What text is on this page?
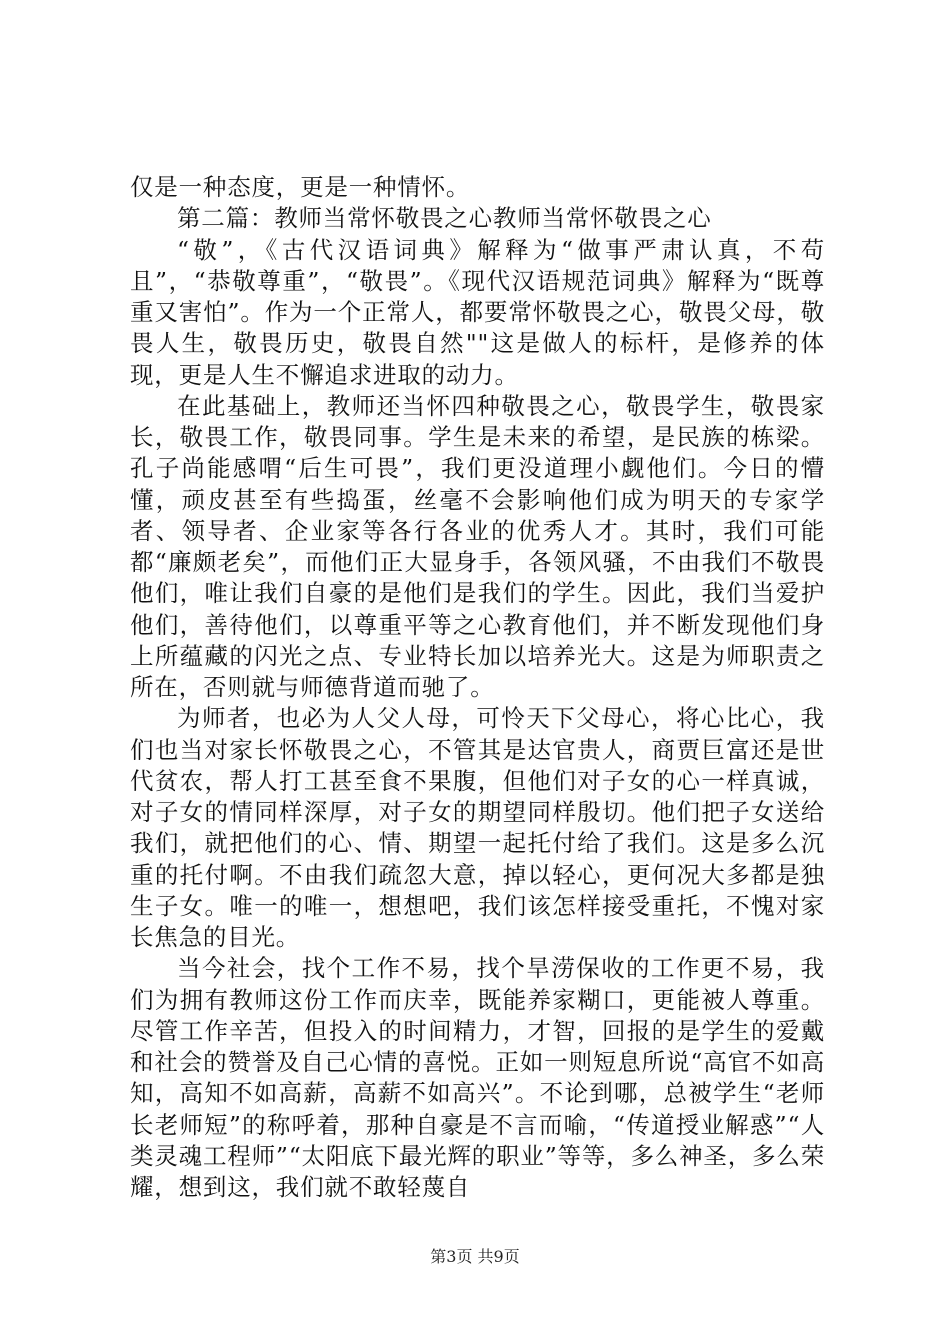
仅是一种态度，更是一种情怀。

第二篇：教师当常怀敬畏之心教师当常怀敬畏之心

“敬”，《古代汉语词典》解释为“做事严肃认真，不苟且”，“恭敬尊重”，“敬畏”。《现代汉语规范词典》解释为“既尊重又害怕”。作为一个正常人，都要常怀敬畏之心，敬畏父母，敬畏人生，敬畏历史，敬畏自然""这是做人的标杆，是修养的体现，更是人生不懈追求进取的动力。

在此基础上，教师还当怀四种敬畏之心，敬畏学生，敬畏家长，敬畏工作，敬畏同事。学生是未来的希望，是民族的栋梁。孔子尚能感喟“后生可畏”，我们更没道理小觑他们。今日的懵懂，顽皮甚至有些捣蛋，丝毫不会影响他们成为明天的专家学者、领导者、企业家等各行各业的优秀人才。其时，我们可能都“廉颇老矣”，而他们正大显身手，各领风骚，不由我们不敬畏他们，唯让我们自豪的是他们是我们的学生。因此，我们当爱护他们，善待他们，以尊重平等之心教育他们，并不断发现他们身上所蕴藏的闪光之点、专业特长加以培养光大。这是为师职责之所在，否则就与师德背道而驰了。

为师者，也必为人父人母，可怜天下父母心，将心比心，我们也当对家长怀敬畏之心，不管其是达官贵人，商贾巨富还是世代贫农，帮人打工甚至食不果腹，但他们对子女的心一样真诚，对子女的情同样深厚，对子女的期望同样殷切。他们把子女送给我们，就把他们的心、情、期望一起托付给了我们。这是多么沉重的托付啊。不由我们疏忽大意，掉以轻心，更何况大多都是独生子女。唯一的唯一，想想吧，我们该怎样接受重托，不愧对家长焦急的目光。

当今社会，找个工作不易，找个旱涝保收的工作更不易，我们为拥有教师这份工作而庆幸，既能养家糊口，更能被人尊重。尽管工作辛苦，但投入的时间精力，才智，回报的是学生的爱戴和社会的赞誉及自己心情的喜悦。正如一则短息所说“高官不如高知，高知不如高薪，高薪不如高兴”。不论到哪，总被学生“老师长老师短”的称呼着，那种自豪是不言而喻，“传道授业解惑”“人类灵魂工程师”“太阳底下最光辉的职业”等等，多么神圣，多么荣耀，想到这，我们就不敢轻蔑自

第3页 共9页
